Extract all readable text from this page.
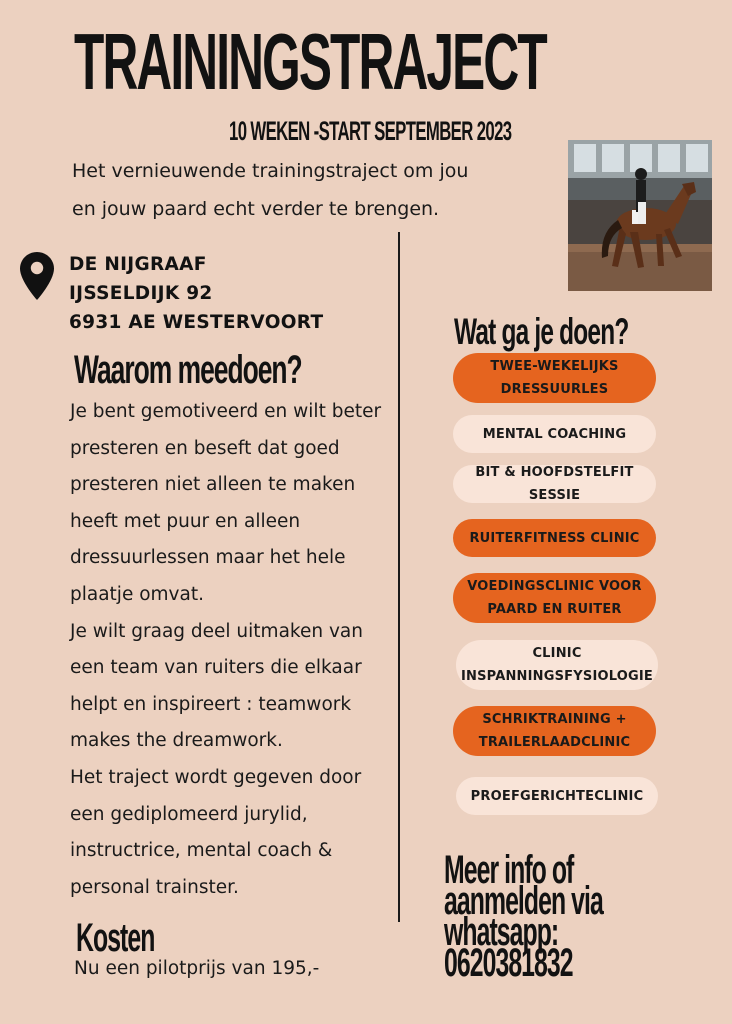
TRAININGSTRAJECT
10 WEKEN -START SEPTEMBER 2023
Het vernieuwende trainingstraject om jou
en jouw paard echt verder te brengen.
DE NIJGRAAF
IJSSELDIJK 92
6931 AE WESTERVOORT
Waarom meedoen?

Je bent gemotiveerd en wilt beter presteren en beseft dat goed presteren niet alleen te maken heeft met puur en alleen dressuurlessen maar het hele plaatje omvat.

Je wilt graag deel uitmaken van een team van ruiters die elkaar helpt en inspireert : teamwork makes the dreamwork.

Het traject wordt gegeven door een gediplomeerd jurylid, instructrice, mental coach & personal trainster.

Kosten
Nu een pilotprijs van 195,-
Wat ga je doen?
TWEE-WEKELIJKS
DRESSUURLES
MENTAL COACHING
BIT & HOOFDSTELFIT SESSIE
RUITERFITNESS CLINIC
VOEDINGSCLINIC VOOR
PAARD EN RUITER
CLINIC
INSPANNINGSFYSIOLOGIE
SCHRIKTRAINING +
TRAILERLAADCLINIC
PROEFGERICHTECLINIC
Meer info of
aanmelden via
whatsapp:
0620381832
